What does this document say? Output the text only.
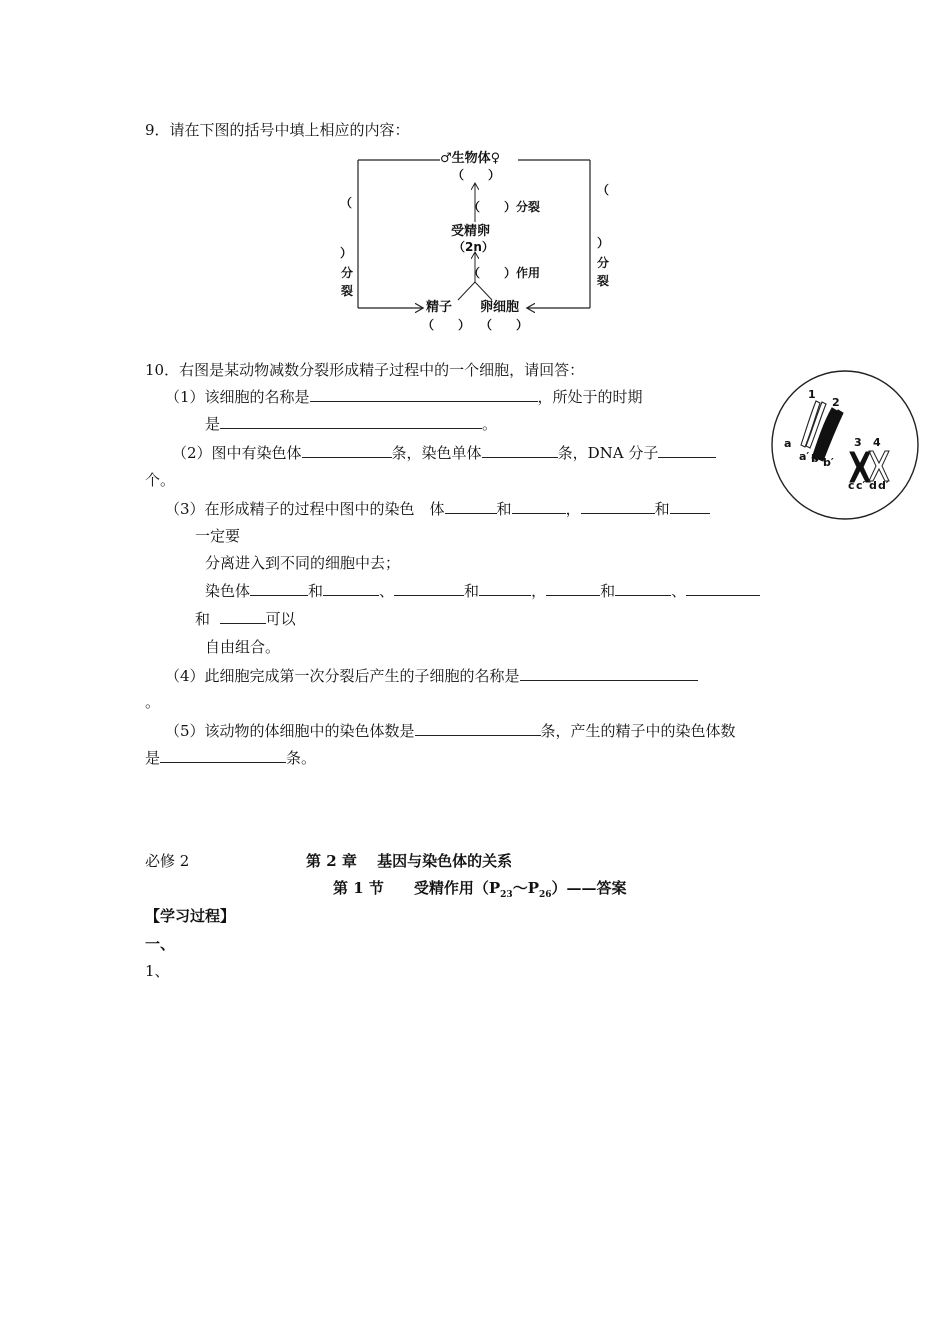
9．请在下图的括号中填上相应的内容：
♂生物体♀
（　　）
（　　）分裂
受精卵
（2n）
（　　）作用
精子 卵细胞
（　　） （　　）
（
）
分裂
（
）
分裂
10．右图是某动物减数分裂形成精子过程中的一个细胞，请回答：
（1）该细胞的名称是	，所处于的时期
是	。
（2）图中有染色体	条，染色单体	条，DNA 分子
个。
（3）在形成精子的过程中图中的染色　体	和	，	和
一定要
分离进入到不同的细胞中去；
染色体	和	、	和	，	和	、
和	可以
自由组合。
（4）此细胞完成第一次分裂后产生的子细胞的名称是
。
（5）该动物的体细胞中的染色体数是	条，产生的精子中的染色体数
是	条。
1
2
3 4
a
a′ b b′
c c′ d d′
必修 2	第 2 章　 基因与染色体的关系
第 1 节　　受精作用$(P_{23}\sim P_{26})——$答案
【学习过程】
一、
1、
